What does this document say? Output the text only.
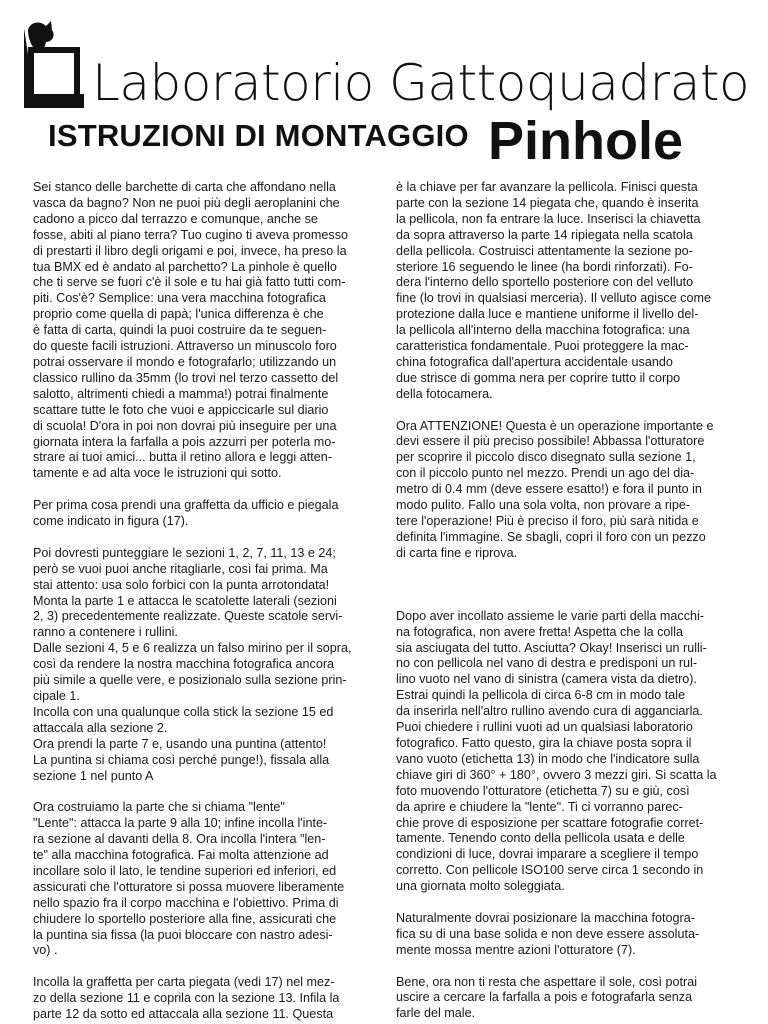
Laboratorio Gattoquadrato
ISTRUZIONI DI MONTAGGIO Pinhole

Sei stanco delle barchette di carta che affondano nella
vasca da bagno? Non ne puoi più degli aeroplanini che
cadono a picco dal terrazzo e comunque, anche se
fosse, abiti al piano terra? Tuo cugino ti aveva promesso
di prestarti il libro degli origami e poi, invece, ha preso la
tua BMX ed è andato al parchetto? La pinhole è quello
che ti serve se fuori c'è il sole e tu hai già fatto tutti com-
piti. Cos'è? Semplice: una vera macchina fotografica
proprio come quella di papà; l'unica differenza è che
è fatta di carta, quindi la puoi costruire da te seguen-
do queste facili istruzioni. Attraverso un minuscolo foro
potrai osservare il mondo e fotografarlo; utilizzando un
classico rullino da 35mm (lo trovi nel terzo cassetto del
salotto, altrimenti chiedi a mamma!) potrai finalmente
scattare tutte le foto che vuoi e appiccicarle sul diario
di scuola! D'ora in poi non dovrai più inseguire per una
giornata intera la farfalla a pois azzurri per poterla mo-
strare ai tuoi amici... butta il retino allora e leggi atten-
tamente e ad alta voce le istruzioni qui sotto.

Per prima cosa prendi una graffetta da ufficio e piegala
come indicato in figura (17).

Poi dovresti punteggiare le sezioni 1, 2, 7, 11, 13 e 24;
però se vuoi puoi anche ritagliarle, così fai prima. Ma
stai attento: usa solo forbici con la punta arrotondata!
Monta la parte 1 e attacca le scatolette laterali (sezioni
2, 3) precedentemente realizzate. Queste scatole servi-
ranno a contenere i rullini.
Dalle sezioni 4, 5 e 6 realizza un falso mirino per il sopra,
così da rendere la nostra macchina fotografica ancora
più simile a quelle vere, e posizionalo sulla sezione prin-
cipale 1.
Incolla con una qualunque colla stick la sezione 15 ed
attaccala alla sezione 2.
Ora prendi la parte 7 e, usando una puntina (attento!
La puntina si chiama così perché punge!), fissala alla
sezione 1 nel punto A

Ora costruiamo la parte che si chiama "lente"
"Lente": attacca la parte 9 alla 10; infine incolla l'inte-
ra sezione al davanti della 8. Ora incolla l'intera "len-
te" alla macchina fotografica. Fai molta attenzione ad
incollare solo il lato, le tendine superiori ed inferiori, ed
assicurati che l'otturatore si possa muovere liberamente
nello spazio fra il corpo macchina e l'obiettivo. Prima di
chiudere lo sportello posteriore alla fine, assicurati che
la puntina sia fissa (la puoi bloccare con nastro adesi-
vo) .

Incolla la graffetta per carta piegata (vedi 17) nel mez-
zo della sezione 11 e coprila con la sezione 13. Infila la
parte 12 da sotto ed attaccala alla sezione 11. Questa

è la chiave per far avanzare la pellicola. Finisci questa
parte con la sezione 14 piegata che, quando è inserita
la pellicola, non fa entrare la luce. Inserisci la chiavetta
da sopra attraverso la parte 14 ripiegata nella scatola
della pellicola. Costruisci attentamente la sezione po-
steriore 16 seguendo le linee (ha bordi rinforzati). Fo-
dera l'interno dello sportello posteriore con del velluto
fine (lo trovi in qualsiasi merceria). Il velluto agisce come
protezione dalla luce e mantiene uniforme il livello del-
la pellicola all'interno della macchina fotografica: una
caratteristica fondamentale. Puoi proteggere la mac-
china fotografica dall'apertura accidentale usando
due strisce di gomma nera per coprire tutto il corpo
della fotocamera.

Ora ATTENZIONE! Questa è un operazione importante e
devi essere il più preciso possibile! Abbassa l'otturatore
per scoprire il piccolo disco disegnato sulla sezione 1,
con il piccolo punto nel mezzo. Prendi un ago del dia-
metro di 0.4 mm (deve essere esatto!) e fora il punto in
modo pulito. Fallo una sola volta, non provare a ripe-
tere l'operazione! Più è preciso il foro, più sarà nitida e
definita l'immagine. Se sbagli, copri il foro con un pezzo
di carta fine e riprova.

Dopo aver incollato assieme le varie parti della macchi-
na fotografica, non avere fretta! Aspetta che la colla
sia asciugata del tutto. Asciutta? Okay! Inserisci un rulli-
no con pellicola nel vano di destra e predisponi un rul-
lino vuoto nel vano di sinistra (camera vista da dietro).
Estrai quindi la pellicola di circa 6-8 cm in modo tale
da inserirla nell'altro rullino avendo cura di agganciarla.
Puoi chiedere i rullini vuoti ad un qualsiasi laboratorio
fotografico. Fatto questo, gira la chiave posta sopra il
vano vuoto (etichetta 13) in modo che l'indicatore sulla
chiave giri di 360° + 180°, ovvero 3 mezzi giri. Si scatta la
foto muovendo l'otturatore (etichetta 7) su e giù, così
da aprire e chiudere la "lente". Ti ci vorranno parec-
chie prove di esposizione per scattare fotografie corret-
tamente. Tenendo conto della pellicola usata e delle
condizioni di luce, dovrai imparare a scegliere il tempo
corretto. Con pellicole ISO100 serve circa 1 secondo in
una giornata molto soleggiata.

Naturalmente dovrai posizionare la macchina fotogra-
fica su di una base solida e non deve essere assoluta-
mente mossa mentre azioni l'otturatore (7).

Bene, ora non ti resta che aspettare il sole, così potrai
uscire a cercare la farfalla a pois e fotografarla senza
farle del male.
